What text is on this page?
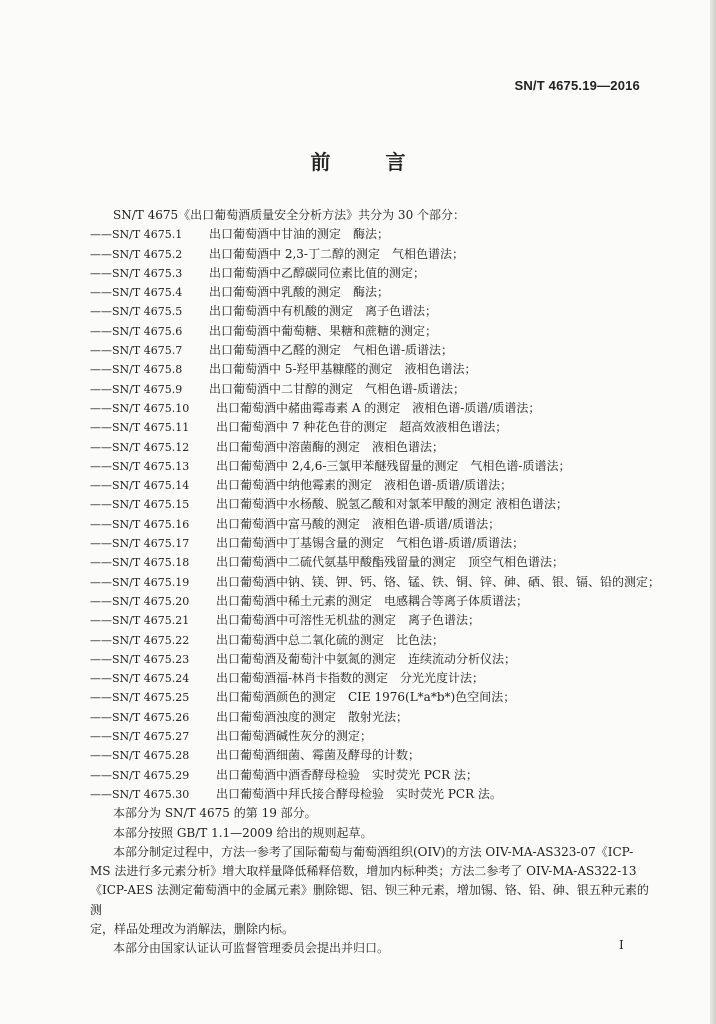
SN/T 4675.19—2016
前 言
SN/T 4675《出口葡萄酒质量安全分析方法》共分为 30 个部分：
——SN/T 4675.1	出口葡萄酒中甘油的测定　酶法；
——SN/T 4675.2	出口葡萄酒中 2,3-丁二醇的测定　气相色谱法；
——SN/T 4675.3	出口葡萄酒中乙醇碳同位素比值的测定；
——SN/T 4675.4	出口葡萄酒中乳酸的测定　酶法；
——SN/T 4675.5	出口葡萄酒中有机酸的测定　离子色谱法；
——SN/T 4675.6	出口葡萄酒中葡萄糖、果糖和蔗糖的测定；
——SN/T 4675.7	出口葡萄酒中乙醛的测定　气相色谱-质谱法；
——SN/T 4675.8	出口葡萄酒中 5-羟甲基糠醛的测定　液相色谱法；
——SN/T 4675.9	出口葡萄酒中二甘醇的测定　气相色谱-质谱法；
——SN/T 4675.10	出口葡萄酒中赭曲霉毒素 A 的测定　液相色谱-质谱/质谱法；
——SN/T 4675.11	出口葡萄酒中 7 种花色苷的测定　超高效液相色谱法；
——SN/T 4675.12	出口葡萄酒中溶菌酶的测定　液相色谱法；
——SN/T 4675.13	出口葡萄酒中 2,4,6-三氯甲苯醚残留量的测定　气相色谱-质谱法；
——SN/T 4675.14	出口葡萄酒中纳他霉素的测定　液相色谱-质谱/质谱法；
——SN/T 4675.15	出口葡萄酒中水杨酸、脱氢乙酸和对氯苯甲酸的测定 液相色谱法；
——SN/T 4675.16	出口葡萄酒中富马酸的测定　液相色谱-质谱/质谱法；
——SN/T 4675.17	出口葡萄酒中丁基锡含量的测定　气相色谱-质谱/质谱法；
——SN/T 4675.18	出口葡萄酒中二硫代氨基甲酸酯残留量的测定　顶空气相色谱法；
——SN/T 4675.19	出口葡萄酒中钠、镁、钾、钙、铬、锰、铁、铜、锌、砷、硒、银、镉、铅的测定；
——SN/T 4675.20	出口葡萄酒中稀土元素的测定　电感耦合等离子体质谱法；
——SN/T 4675.21	出口葡萄酒中可溶性无机盐的测定　离子色谱法；
——SN/T 4675.22	出口葡萄酒中总二氧化硫的测定　比色法；
——SN/T 4675.23	出口葡萄酒及葡萄汁中氨氮的测定　连续流动分析仪法；
——SN/T 4675.24	出口葡萄酒福-林肖卡指数的测定　分光光度计法；
——SN/T 4675.25	出口葡萄酒颜色的测定　CIE 1976(L*a*b*)色空间法；
——SN/T 4675.26	出口葡萄酒浊度的测定　散射光法；
——SN/T 4675.27	出口葡萄酒碱性灰分的测定；
——SN/T 4675.28	出口葡萄酒细菌、霉菌及酵母的计数；
——SN/T 4675.29	出口葡萄酒中酒香酵母检验　实时荧光 PCR 法；
——SN/T 4675.30	出口葡萄酒中拜氏接合酵母检验　实时荧光 PCR 法。
本部分为 SN/T 4675 的第 19 部分。
本部分按照 GB/T 1.1—2009 给出的规则起草。
本部分制定过程中，方法一参考了国际葡萄与葡萄酒组织(OIV)的方法 OIV-MA-AS323-07《ICP-
MS 法进行多元素分析》增大取样量降低稀释倍数，增加内标种类；方法二参考了 OIV-MA-AS322-13
《ICP-AES 法测定葡萄酒中的金属元素》删除锶、铝、钡三种元素，增加锡、铬、铅、砷、银五种元素的测
定，样品处理改为消解法，删除内标。
本部分由国家认证认可监督管理委员会提出并归口。	I
